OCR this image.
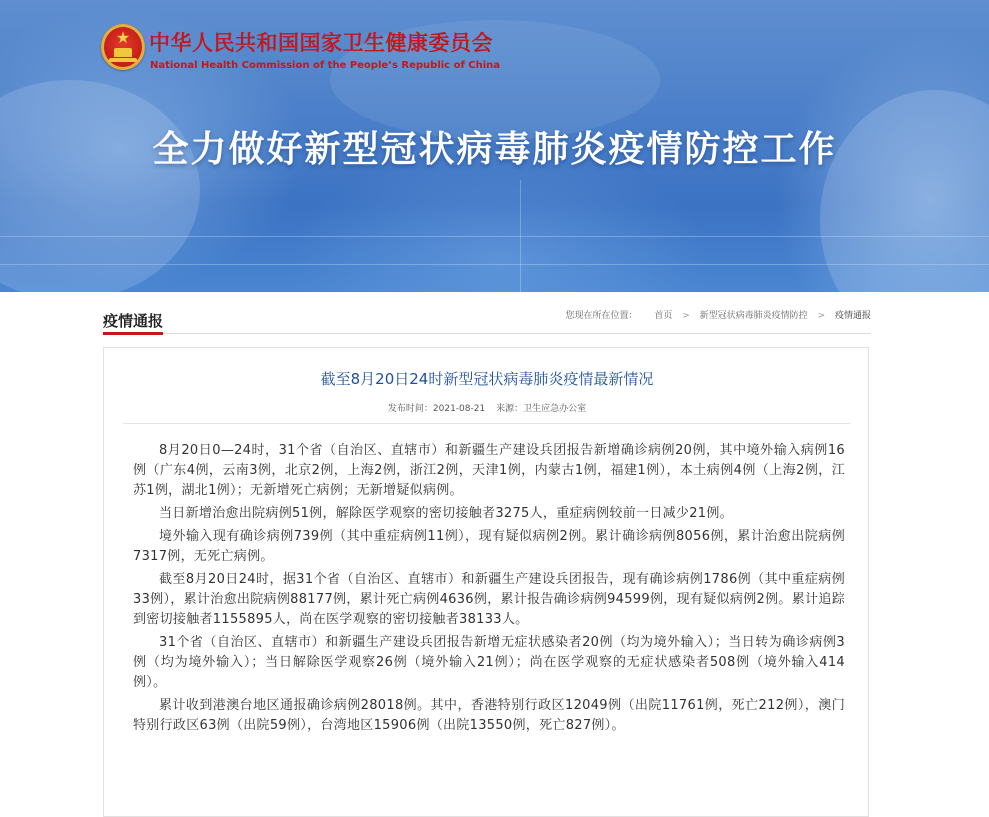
★ 中华人民共和国国家卫生健康委员会

National Health Commission of the People’s Republic of China

全力做好新型冠状病毒肺炎疫情防控工作
疫情通报	您现在所在位置： 首页 > 新型冠状病毒肺炎疫情防控 > 疫情通报

截至8月20日24时新型冠状病毒肺炎疫情最新情况
发布时间：2021-08-21 来源：卫生应急办公室

8月20日0—24时，31个省（自治区、直辖市）和新疆生产建设兵团报告新增确诊病例20例，其中境外输入病例16例（广东4例，云南3例，北京2例，上海2例，浙江2例，天津1例，内蒙古1例，福建1例），本土病例4例（上海2例，江苏1例，湖北1例）；无新增死亡病例；无新增疑似病例。

当日新增治愈出院病例51例，解除医学观察的密切接触者3275人，重症病例较前一日减少21例。

境外输入现有确诊病例739例（其中重症病例11例），现有疑似病例2例。累计确诊病例8056例，累计治愈出院病例7317例，无死亡病例。

截至8月20日24时，据31个省（自治区、直辖市）和新疆生产建设兵团报告，现有确诊病例1786例（其中重症病例33例），累计治愈出院病例88177例，累计死亡病例4636例，累计报告确诊病例94599例，现有疑似病例2例。累计追踪到密切接触者1155895人，尚在医学观察的密切接触者38133人。

31个省（自治区、直辖市）和新疆生产建设兵团报告新增无症状感染者20例（均为境外输入）；当日转为确诊病例3例（均为境外输入）；当日解除医学观察26例（境外输入21例）；尚在医学观察的无症状感染者508例（境外输入414例）。

累计收到港澳台地区通报确诊病例28018例。其中，香港特别行政区12049例（出院11761例，死亡212例），澳门特别行政区63例（出院59例），台湾地区15906例（出院13550例，死亡827例）。
